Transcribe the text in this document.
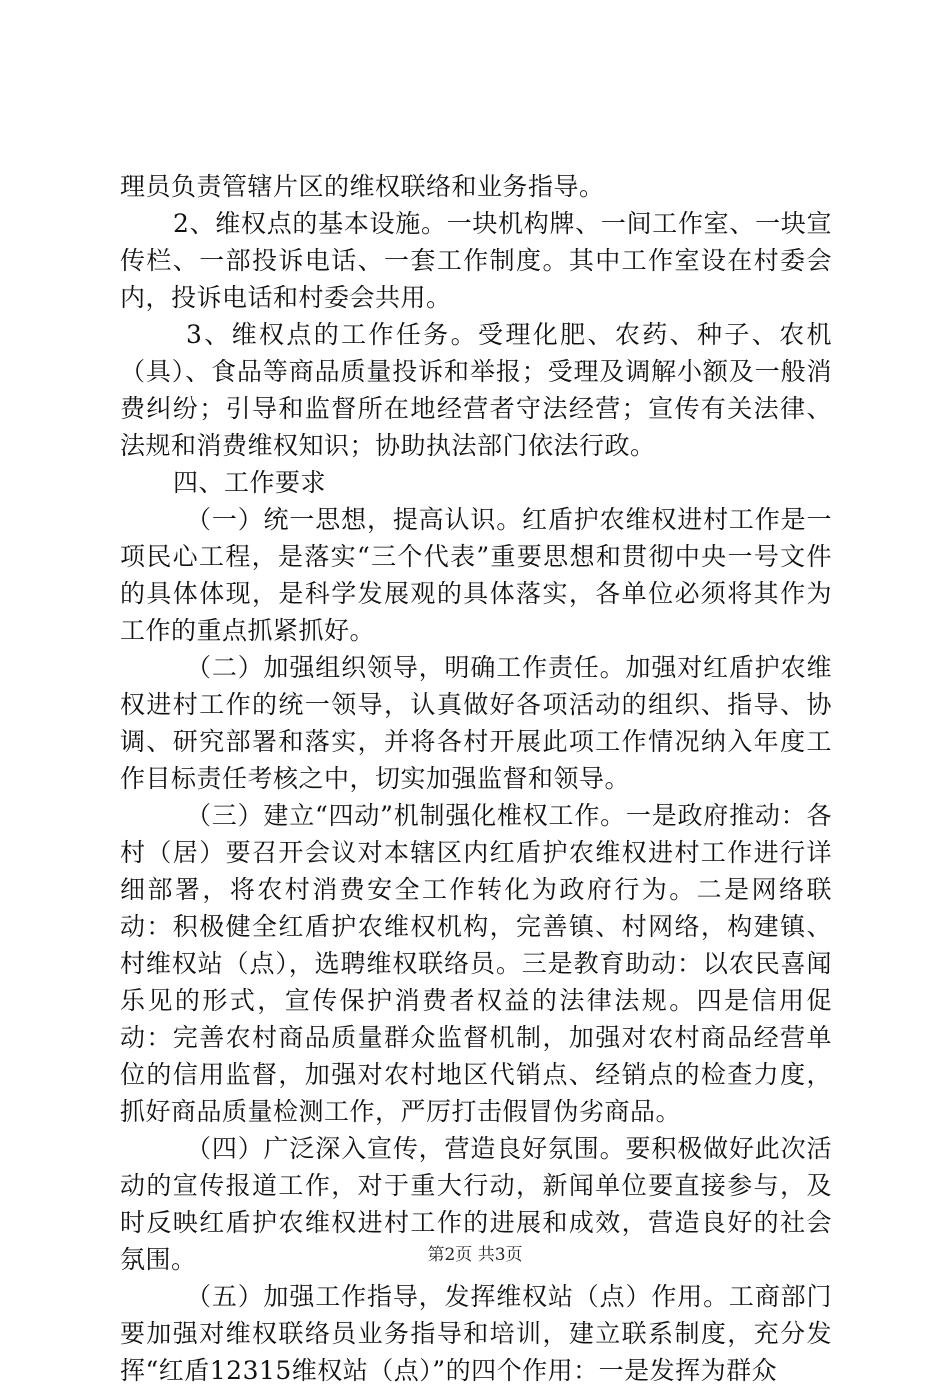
理员负责管辖片区的维权联络和业务指导。

2、维权点的基本设施。一块机构牌、一间工作室、一块宣传栏、一部投诉电话、一套工作制度。其中工作室设在村委会内，投诉电话和村委会共用。

3、维权点的工作任务。受理化肥、农药、种子、农机（具）、食品等商品质量投诉和举报；受理及调解小额及一般消费纠纷；引导和监督所在地经营者守法经营；宣传有关法律、法规和消费维权知识；协助执法部门依法行政。

四、工作要求

（一）统一思想，提高认识。红盾护农维权进村工作是一项民心工程，是落实“三个代表”重要思想和贯彻中央一号文件的具体体现，是科学发展观的具体落实，各单位必须将其作为工作的重点抓紧抓好。

（二）加强组织领导，明确工作责任。加强对红盾护农维权进村工作的统一领导，认真做好各项活动的组织、指导、协调、研究部署和落实，并将各村开展此项工作情况纳入年度工作目标责任考核之中，切实加强监督和领导。

（三）建立“四动”机制强化椎权工作。一是政府推动：各村（居）要召开会议对本辖区内红盾护农维权进村工作进行详细部署，将农村消费安全工作转化为政府行为。二是网络联动：积极健全红盾护农维权机构，完善镇、村网络，构建镇、村维权站（点），选聘维权联络员。三是教育助动：以农民喜闻乐见的形式，宣传保护消费者权益的法律法规。四是信用促动：完善农村商品质量群众监督机制，加强对农村商品经营单位的信用监督，加强对农村地区代销点、经销点的检查力度，抓好商品质量检测工作，严厉打击假冒伪劣商品。

（四）广泛深入宣传，营造良好氛围。要积极做好此次活动的宣传报道工作，对于重大行动，新闻单位要直接参与，及时反映红盾护农维权进村工作的进展和成效，营造良好的社会氛围。

（五）加强工作指导，发挥维权站（点）作用。工商部门要加强对维权联络员业务指导和培训，建立联系制度，充分发挥“红盾12315维权站（点）”的四个作用：一是发挥为群众

第2页 共3页
